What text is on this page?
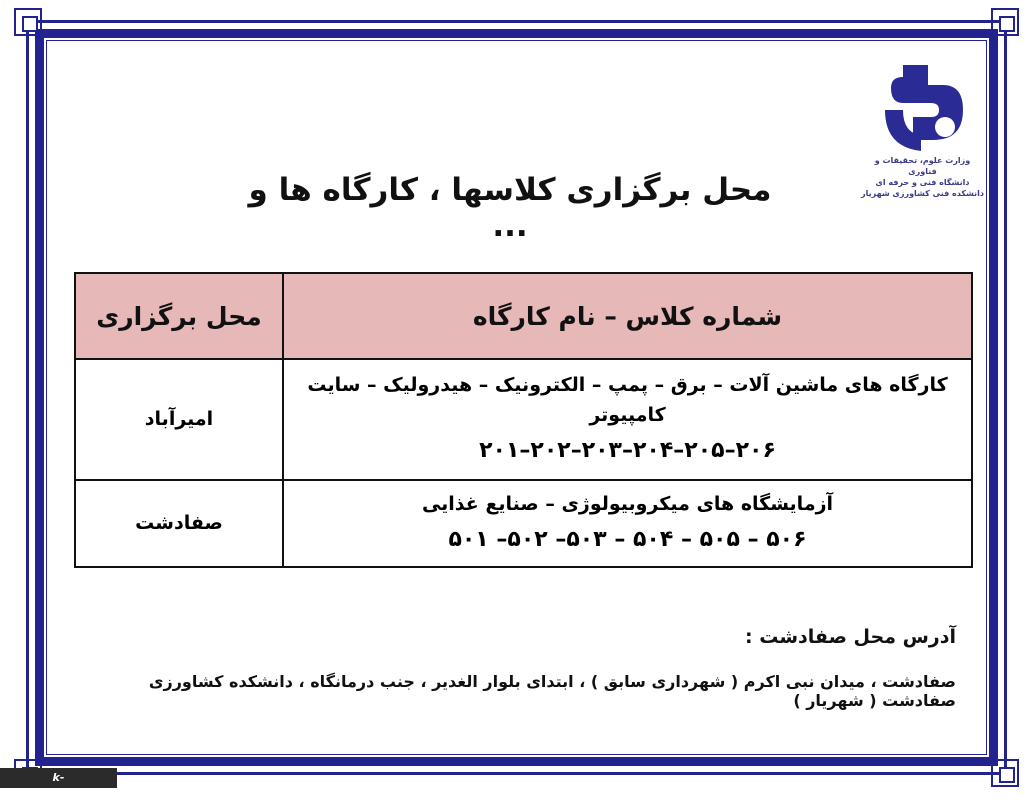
وزارت علوم، تحقیقات و فناوری
دانشگاه فنی و حرفه ای
دانشکده فنی کشاورزی شهریار
محل برگزاری کلاسها ، کارگاه ها و ...
شماره کلاس – نام کارگاه	محل برگزاری

کارگاه های ماشین آلات – برق – پمپ – الکترونیک – هیدرولیک – سایت کامپیوتر
۲۰۶–۲۰۵–۲۰۴–۲۰۳–۲۰۲–۲۰۱	امیرآباد

آزمایشگاه های میکروبیولوژی – صنایع غذایی
۵۰۶ – ۵۰۵ – ۵۰۴ – ۵۰۳– ۵۰۲– ۵۰۱	صفادشت
آدرس محل صفادشت :
صفادشت ، میدان نبی اکرم ( شهرداری سابق ) ، ابتدای بلوار الغدیر ، جنب درمانگاه ، دانشکده کشاورزی صفادشت ( شهریار )
k-shahryar.tvu.ac.ir
